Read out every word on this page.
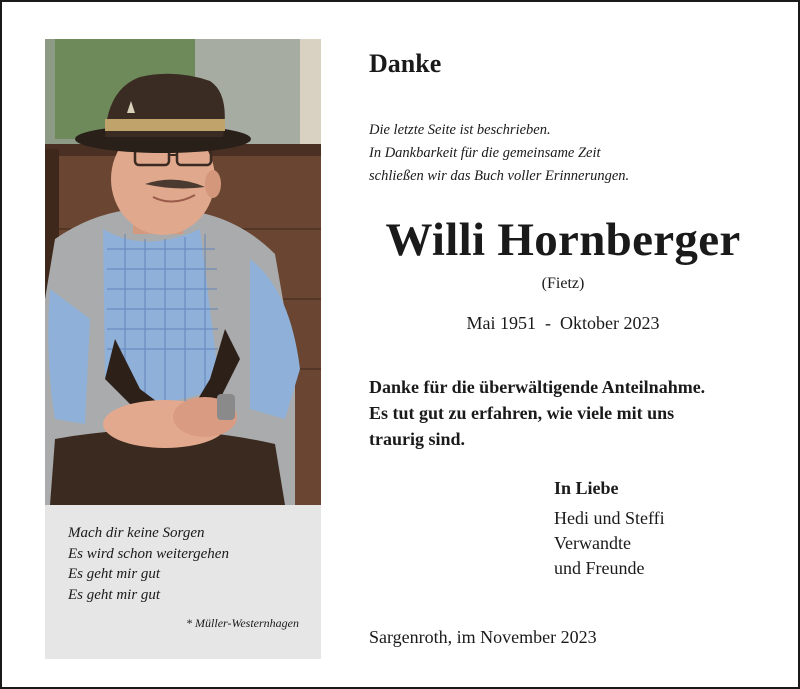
Mach dir keine Sorgen
Es wird schon weitergehen
Es geht mir gut
Es geht mir gut
* Müller-Westernhagen
Danke
Die letzte Seite ist beschrieben.
In Dankbarkeit für die gemeinsame Zeit
schließen wir das Buch voller Erinnerungen.
Willi Hornberger
(Fietz)
Mai 1951  -  Oktober 2023
Danke für die überwältigende Anteilnahme.
Es tut gut zu erfahren, wie viele mit uns
traurig sind.
In Liebe
Hedi und Steffi
Verwandte
und Freunde
Sargenroth, im November 2023
